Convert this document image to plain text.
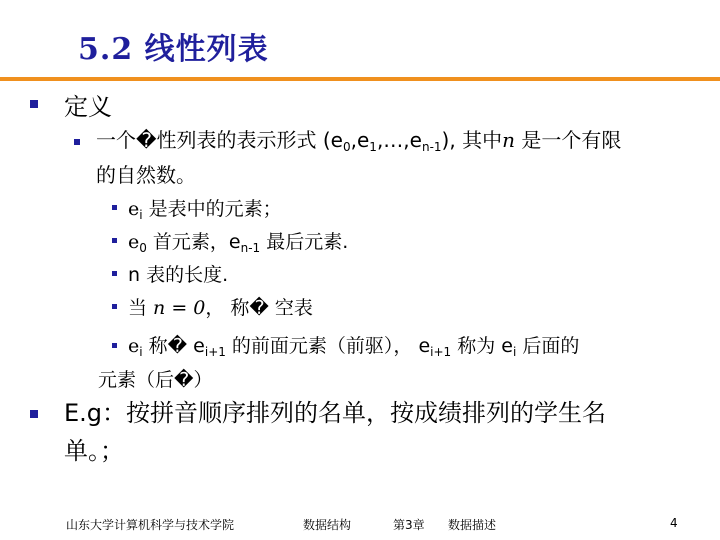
5.2 线性列表
定义
一个�性列表的表示形式 $(e_0,e_1,\dots,e_{n-1})$, 其中n 是一个有限
的自然数。
$e_i$ 是表中的元素；
$e_0$ 首元素，$e_{n-1}$ 最后元素.
n 表的长度.
当 n = 0， 称� 空表
$e_i$ 称� $e_{i+1}$ 的前面元素（前驱）， $e_{i+1}$ 称为 $e_i$ 后面的
元素（后�）
E.g：按拼音顺序排列的名单，按成绩排列的学生名
单。；
山东大学计算机科学与技术学院	数据结构	第3章 数据描述	4
